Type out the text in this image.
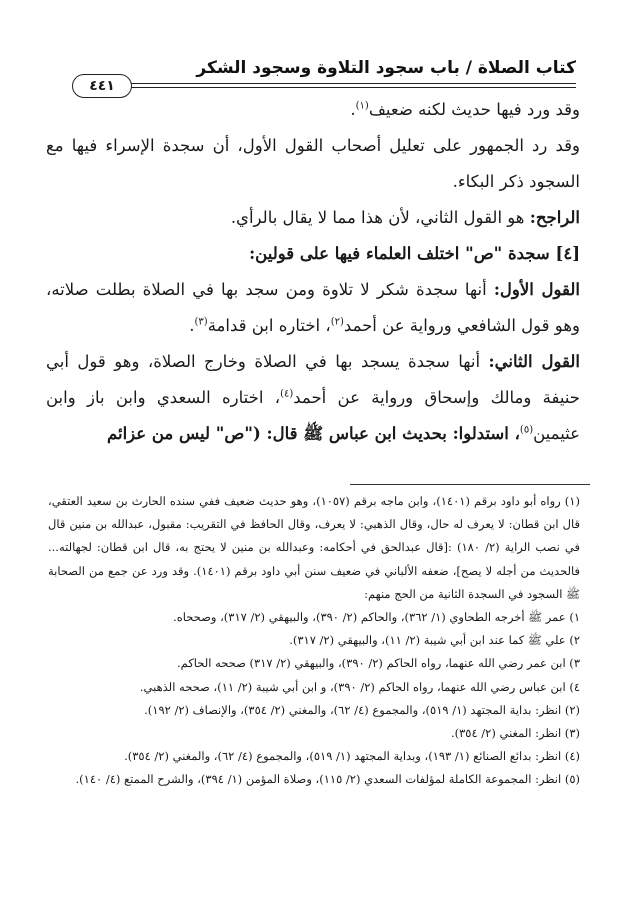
كتاب الصلاة / باب سجود التلاوة وسجود الشكر
٤٤١

وقد ورد فيها حديث لكنه ضعيف$^{(١)}$.

وقد رد الجمهور على تعليل أصحاب القول الأول، أن سجدة الإسراء فيها مع السجود ذكر البكاء.

الراجح: هو القول الثاني، لأن هذا مما لا يقال بالرأي.

[٤] سجدة "ص" اختلف العلماء فيها على قولين:

القول الأول: أنها سجدة شكر لا تلاوة ومن سجد بها في الصلاة بطلت صلاته، وهو قول الشافعي ورواية عن أحمد$^{(٢)}$، اختاره ابن قدامة$^{(٣)}$.

القول الثاني: أنها سجدة يسجد بها في الصلاة وخارج الصلاة، وهو قول أبي حنيفة ومالك وإسحاق ورواية عن أحمد$^{(٤)}$، اختاره السعدي وابن باز وابن عثيمين$^{(٥)}$، استدلوا: بحديث ابن عباس ﷺ قال: ("ص" ليس من عزائم

(١) رواه أبو داود برقم (١٤٠١)، وابن ماجه برقم (١٠٥٧)، وهو حديث ضعيف ففي سنده الحارث بن سعيد العتقي، قال ابن قطان: لا يعرف له حال، وقال الذهبي: لا يعرف، وقال الحافظ في التقريب: مقبول، عبدالله بن منين قال في نصب الراية (٢/ ١٨٠) :[قال عبدالحق في أحكامه: وعبدالله بن منين لا يحتج به، قال ابن قطان: لجهالته... فالحديث من أجله لا يصح]، ضعفه الألباني في ضعيف سنن أبي داود برقم (١٤٠١). وقد ورد عن جمع من الصحابة ﷺ السجود في السجدة الثانية من الحج منهم:

١) عمر ﷺ أخرجه الطحاوي (١/ ٣٦٢)، والحاكم (٢/ ٣٩٠)، والبيهقي (٢/ ٣١٧)، وصححاه.

٢) علي ﷺ كما عند ابن أبي شيبة (٢/ ١١)، والبيهقي (٢/ ٣١٧).

٣) ابن عمر رضي الله عنهما، رواه الحاكم (٢/ ٣٩٠)، والبيهقي (٢/ ٣١٧) صححه الحاكم.

٤) ابن عباس رضي الله عنهما، رواه الحاكم (٢/ ٣٩٠)، و ابن أبي شيبة (٢/ ١١)، صححه الذهبي.

(٢) انظر: بداية المجتهد (١/ ٥١٩)، والمجموع (٤/ ٦٢)، والمغني (٢/ ٣٥٤)، والإنصاف (٢/ ١٩٢).

(٣) انظر: المغني (٢/ ٣٥٤).

(٤) انظر: بدائع الصنائع (١/ ١٩٣)، وبداية المجتهد (١/ ٥١٩)، والمجموع (٤/ ٦٢)، والمغني (٢/ ٣٥٤).

(٥) انظر: المجموعة الكاملة لمؤلفات السعدي (٢/ ١١٥)، وصلاة المؤمن (١/ ٣٩٤)، والشرح الممتع (٤/ ١٤٠).
